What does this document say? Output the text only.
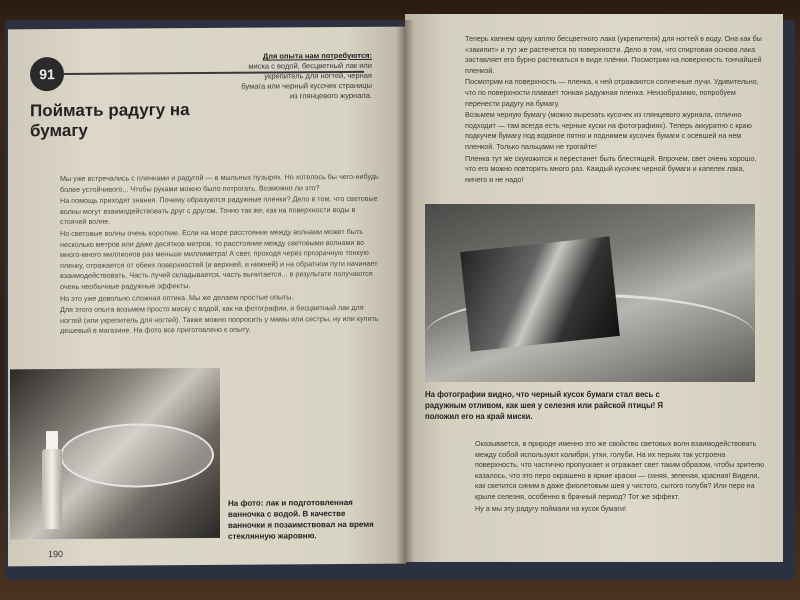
91
Поймать радугу на бумагу
Для опыта нам потребуются:
миска с водой, бесцветный лак или укрепитель для ногтей, черная бумага или черный кусочек страницы из глянцевого журнала.

Мы уже встречались с пленками и радугой — в мыльных пузырях. Но хотелось бы чего-нибудь более устойчивого... Чтобы руками можно было потрогать. Возможно ли это?

На помощь приходят знания. Почему образуются радужные пленки? Дело в том, что световые волны могут взаимодействовать друг с другом. Точно так же, как на поверхности воды в стоячей волне.

Но световые волны очень короткие. Если на море расстояние между волнами может быть несколько метров или даже десятков метров, то расстояние между световыми волнами во много-много миллионов раз меньше миллиметра! А свет, проходя через прозрачную тонкую пленку, отражается от обеих поверхностей (и верхней, и нижней) и на обратном пути начинает взаимодействовать. Часть лучей складывается, часть вычитается... в результате получаются очень необычные радужные эффекты.

Но это уже довольно сложная оптика. Мы же делаем простые опыты.

Для этого опыта возьмем просто миску с водой, как на фотографии, и бесцветный лак для ногтей (или укрепитель для ногтей). Также можно попросить у мамы или сестры, ну или купить дешевый в магазине. На фото все приготовлено к опыту.

На фото: лак и подготовленная ванночка с водой. В качестве ванночки я позаимствовал на время стеклянную жаровню.
190

Теперь капнем одну каплю бесцветного лака (укрепителя) для ногтей в воду. Она как бы «закипит» и тут же растечется по поверхности. Дело в том, что спиртовая основа лака заставляет его бурно растекаться в виде плёнки. Посмотрим на поверхность тончайшей пленкой.

Посмотрим на поверхность — пленка, к ней отражаются солнечные лучи. Удивительно, что по поверхности плавает тонкая радужная пленка. Неизобразимо, попробуем перенести радугу на бумагу.

Возьмем черную бумагу (можно вырезать кусочек из глянцевого журнала, отлично подходит — там всегда есть черные куски на фотографиях). Теперь аккуратно с краю подкучем бумагу под водяное пятно и поднимем кусочек бумаги с осевшей на нем пленкой. Только пальцами не трогайте!

Пленка тут же скукожится и перестанет быть блестящей. Впрочем, свет очень хорошо, что его можно повторить много раз. Каждый кусочек черной бумаги и капелек лака, ничего и не надо!

На фотографии видно, что черный кусок бумаги стал весь с радужным отливом, как шея у селезня или райской птицы! Я положил его на край миски.

Оказывается, в природе именно это же свойство световых волн взаимодействовать между собой используют колибри, утки, голуби. На их перьях так устроена поверхность, что частично пропускает и отражает свет таким образом, чтобы зрителю казалось, что это перо окрашено в яркие краски — синяя, зеленая, красная! Видели, как светится синим в даже фиолетовым шея у чистого, сытого голубя? Или перо на крыле селезня, особенно в брачный период? Тот же эффект.

Ну а мы эту радугу поймали на кусок бумаги!
